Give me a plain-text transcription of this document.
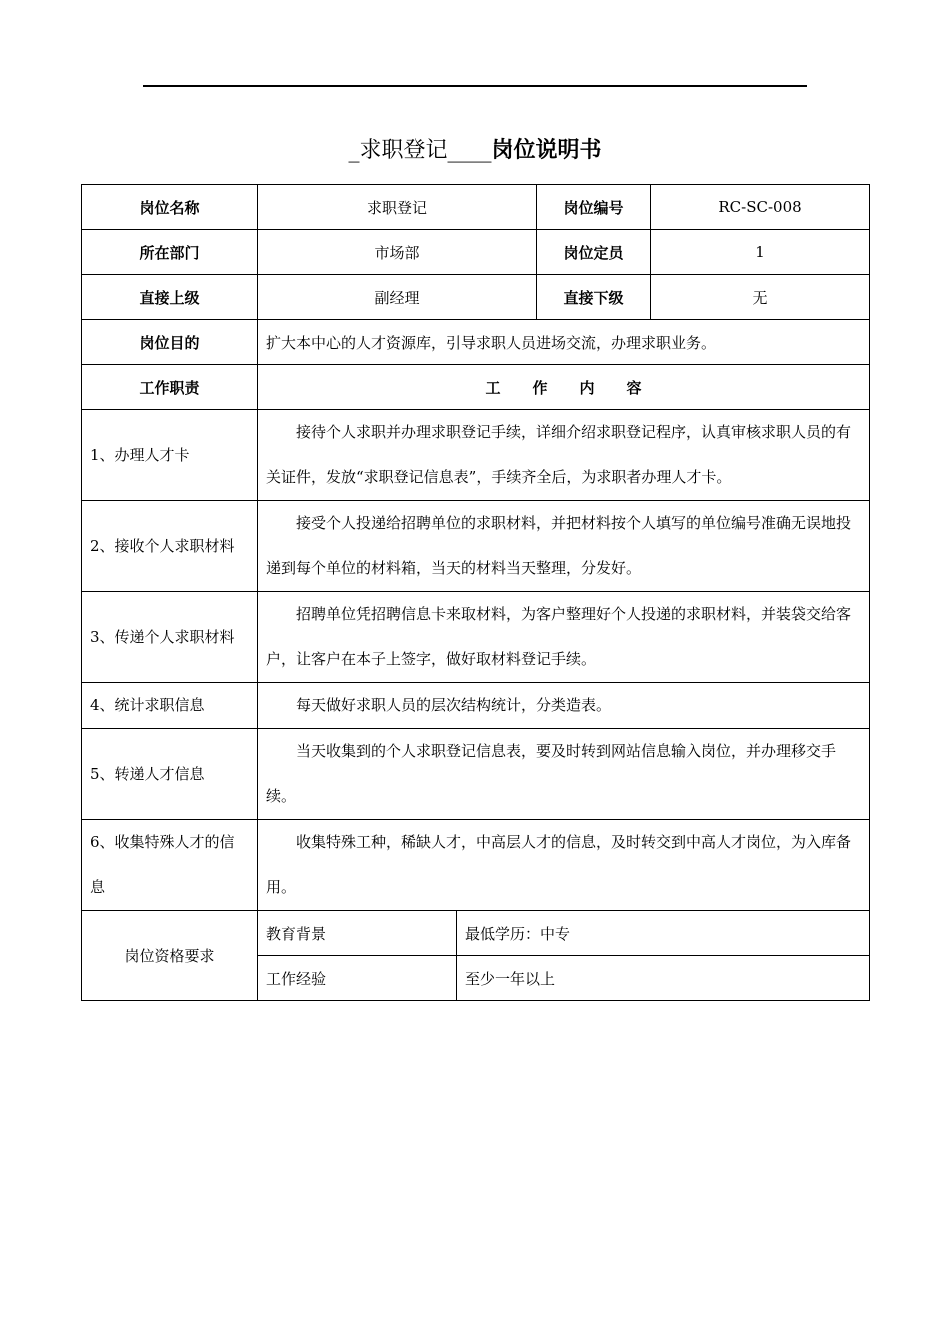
_求职登记____岗位说明书
岗位名称	求职登记		岗位编号	RC-SC-008
所在部门	市场部		岗位定员	1
直接上级	副经理		直接下级	无
岗位目的	扩大本中心的人才资源库，引导求职人员进场交流，办理求职业务。			
工作职责	工 作 内 容			
1、办理人才卡	接待个人求职并办理求职登记手续，详细介绍求职登记程序，认真审核求职人员的有关证件，发放“求职登记信息表”，手续齐全后，为求职者办理人才卡。			
2、接收个人求职材料	接受个人投递给招聘单位的求职材料，并把材料按个人填写的单位编号准确无误地投递到每个单位的材料箱，当天的材料当天整理，分发好。			
3、传递个人求职材料	招聘单位凭招聘信息卡来取材料，为客户整理好个人投递的求职材料，并装袋交给客户，让客户在本子上签字，做好取材料登记手续。			
4、统计求职信息	每天做好求职人员的层次结构统计，分类造表。			
5、转递人才信息	当天收集到的个人求职登记信息表，要及时转到网站信息输入岗位，并办理移交手续。			
6、收集特殊人才的信息	收集特殊工种，稀缺人才，中高层人才的信息，及时转交到中高人才岗位，为入库备用。			
岗位资格要求	教育背景	最低学历：中专		
	工作经验	至少一年以上		
